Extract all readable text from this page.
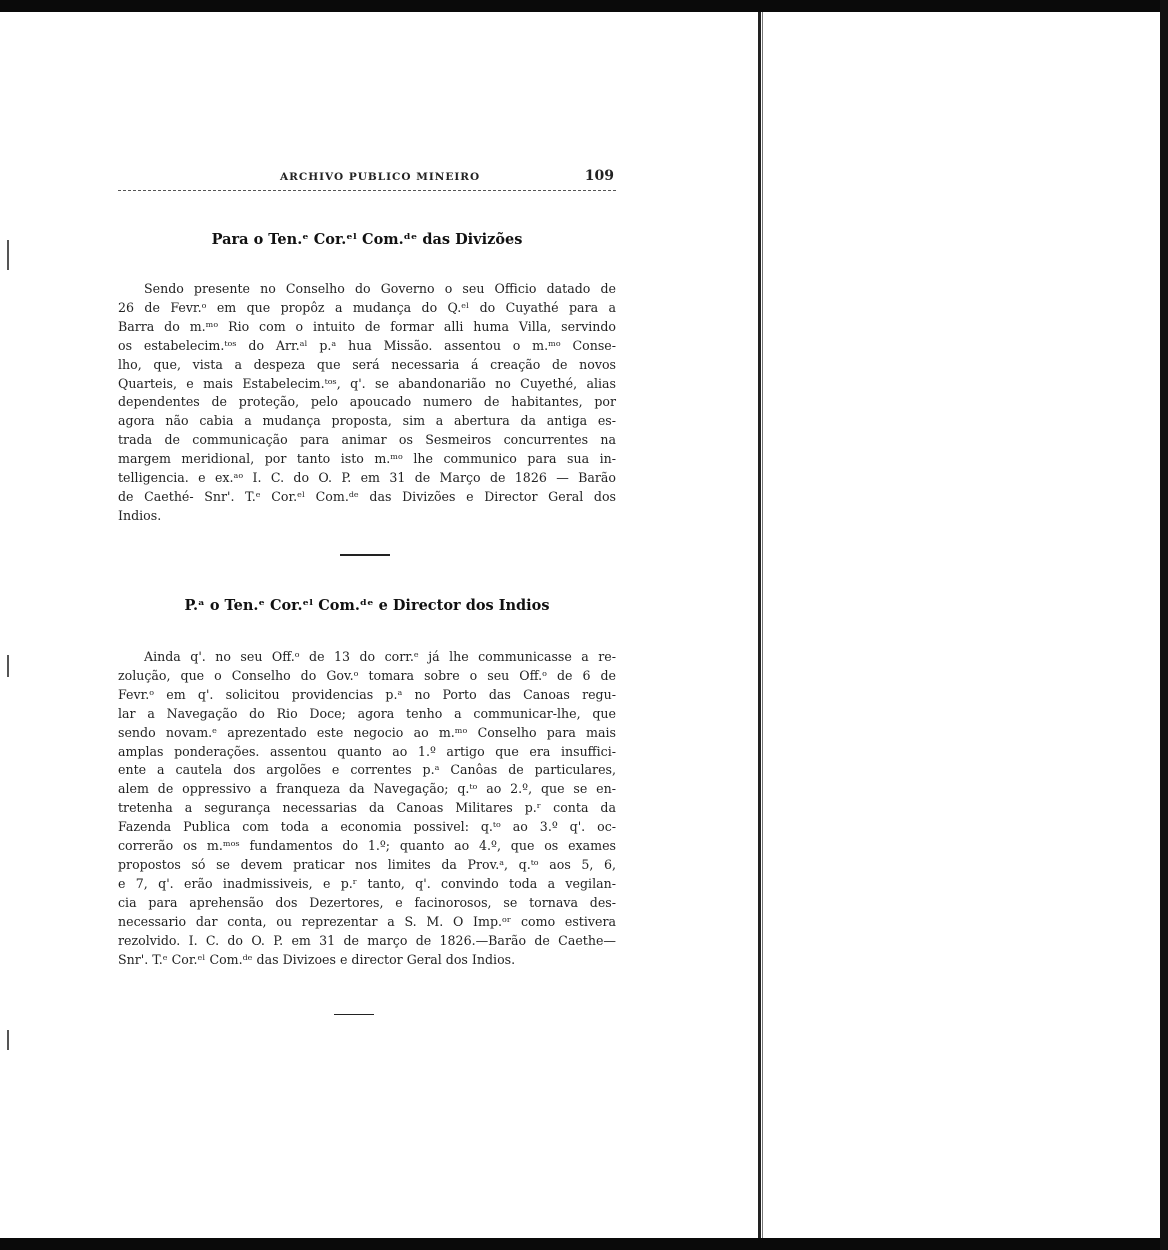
ARCHIVO PUBLICO MINEIRO	109
Para o Ten.ᵉ Cor.ᵉˡ Com.ᵈᵉ das Divizões
Sendo presente no Conselho do Governo o seu Officio datado de
26 de Fevr.ᵒ em que propôz a mudança do Q.ᵉˡ do Cuyathé para a
Barra do m.ᵐᵒ Rio com o intuito de formar alli huma Villa, servindo
os estabelecim.ᵗᵒˢ do Arr.ᵃˡ p.ᵃ hua Missão. assentou o m.ᵐᵒ Conse-
lho, que, vista a despeza que será necessaria á creação de novos
Quarteis, e mais Estabelecim.ᵗᵒˢ, q'. se abandonarião no Cuyethé, alias
dependentes de proteção, pelo apoucado numero de habitantes, por
agora não cabia a mudança proposta, sim a abertura da antiga es-
trada de communicação para animar os Sesmeiros concurrentes na
margem meridional, por tanto isto m.ᵐᵒ lhe communico para sua in-
telligencia. e ex.ᵃᵒ I. C. do O. P. em 31 de Março de 1826 — Barão
de Caethé- Snr'. T.ᵉ Cor.ᵉˡ Com.ᵈᵉ das Divizões e Director Geral dos
Indios.
P.ᵃ o Ten.ᵉ Cor.ᵉˡ Com.ᵈᵉ e Director dos Indios
Ainda q'. no seu Off.ᵒ de 13 do corr.ᵉ já lhe communicasse a re-
zolução, que o Conselho do Gov.ᵒ tomara sobre o seu Off.ᵒ de 6 de
Fevr.ᵒ em q'. solicitou providencias p.ᵃ no Porto das Canoas regu-
lar a Navegação do Rio Doce; agora tenho a communicar-lhe, que
sendo novam.ᵉ aprezentado este negocio ao m.ᵐᵒ Conselho para mais
amplas ponderações. assentou quanto ao 1.º artigo que era insuffici-
ente a cautela dos argolões e correntes p.ᵃ Canôas de particulares,
alem de oppressivo a franqueza da Navegação; q.ᵗᵒ ao 2.º, que se en-
tretenha a segurança necessarias da Canoas Militares p.ʳ conta da
Fazenda Publica com toda a economia possivel: q.ᵗᵒ ao 3.º q'. oc-
correrão os m.ᵐᵒˢ fundamentos do 1.º; quanto ao 4.º, que os exames
propostos só se devem praticar nos limites da Prov.ᵃ, q.ᵗᵒ aos 5, 6,
e 7, q'. erão inadmissiveis, e p.ʳ tanto, q'. convindo toda a vegilan-
cia para aprehensão dos Dezertores, e facinorosos, se tornava des-
necessario dar conta, ou reprezentar a S. M. O Imp.ᵒʳ como estivera
rezolvido. I. C. do O. P. em 31 de março de 1826.—Barão de Caethe—
Snr'. T.ᵉ Cor.ᵉˡ Com.ᵈᵉ das Divizoes e director Geral dos Indios.
